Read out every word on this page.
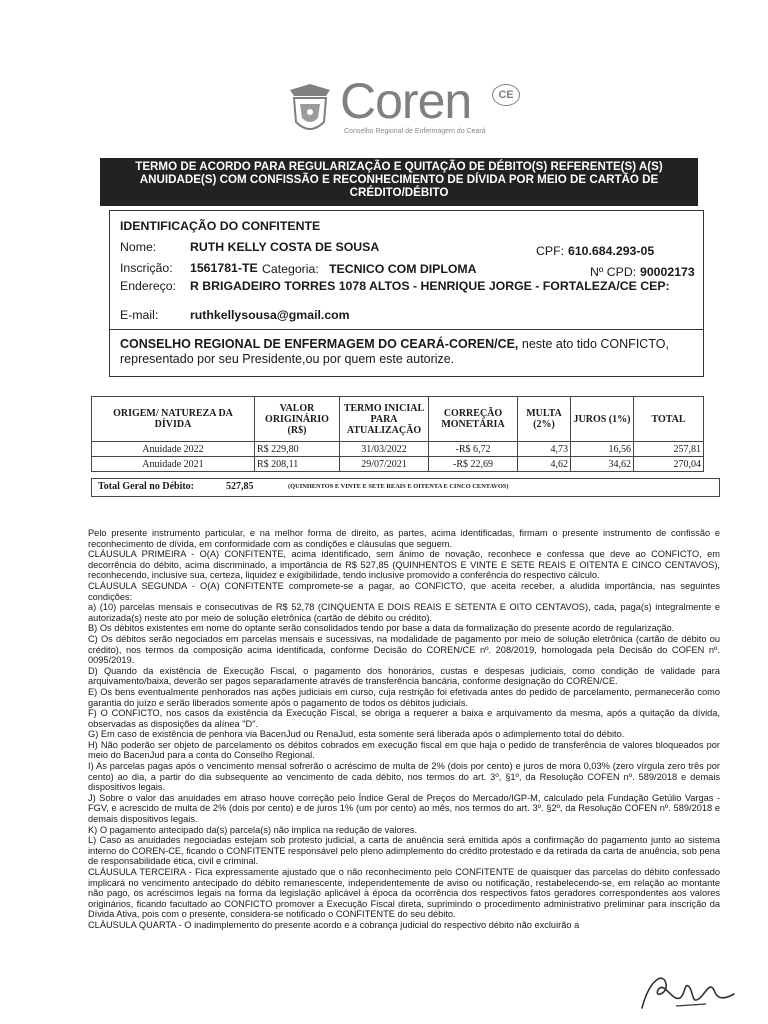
Coren	CE
Conselho Regional de Enfermagem do Ceará
TERMO DE ACORDO PARA REGULARIZAÇÃO E QUITAÇÃO DE DÉBITO(S) REFERENTE(S) A(S) ANUIDADE(S) COM CONFISSÃO E RECONHECIMENTO DE DÍVIDA POR MEIO DE CARTÃO DE CRÉDITO/DÉBITO
IDENTIFICAÇÃO DO CONFITENTE
Nome:	RUTH KELLY COSTA DE SOUSA	CPF: 610.684.293-05
Inscrição: 1561781-TE Categoria: TECNICO COM DIPLOMA	Nº CPD: 90002173
Endereço: R BRIGADEIRO TORRES 1078 ALTOS - HENRIQUE JORGE - FORTALEZA/CE CEP:
E-mail:	ruthkellysousa@gmail.com
CONSELHO REGIONAL DE ENFERMAGEM DO CEARÁ-COREN/CE, neste ato tido CONFICTO, representado por seu Presidente,ou por quem este autorize.
ORIGEM/ NATUREZA DA DÍVIDA	VALOR ORIGINÁRIO (R$)	TERMO INICIAL PARA ATUALIZAÇÃO	CORREÇÃO MONETÁRIA	MULTA (2%)	JUROS (1%)	TOTAL
Anuidade 2022	R$ 229,80	31/03/2022	-R$ 6,72	4,73	16,56	257,81
Anuidade 2021	R$ 208,11	29/07/2021	-R$ 22,69	4,62	34,62	270,04
Total Geral no Débito:	527,85	(QUINHENTOS E VINTE E SETE REAIS E OITENTA E CINCO CENTAVOS)

Pelo presente instrumento particular, e na melhor forma de direito, as partes, acima identificadas, firmam o presente instrumento de confissão e reconhecimento de dívida, em conformidade com as condições e cláusulas que seguem.

CLÁUSULA PRIMEIRA - O(A) CONFITENTE, acima identificado, sem ânimo de novação, reconhece e confessa que deve ao CONFICTO, em decorrência do débito, acima discriminado, a importância de R$ 527,85 (QUINHENTOS E VINTE E SETE REAIS E OITENTA E CINCO CENTAVOS), reconhecendo, inclusive sua, certeza, liquidez e exigibilidade, tendo inclusive promovido a conferência do respectivo cálculo.

CLÁUSULA SEGUNDA - O(A) CONFITENTE compromete-se a pagar, ao CONFICTO, que aceita receber, a aludida importância, nas seguintes condições:

a) (10) parcelas mensais e consecutivas de R$ 52,78 (CINQUENTA E DOIS REAIS E SETENTA E OITO CENTAVOS), cada, paga(s) integralmente e autorizada(s) neste ato por meio de solução eletrônica (cartão de débito ou crédito).

B) Os débitos existentes em nome do optante serão consolidados tendo por base a data da formalização do presente acordo de regularização.

C) Os débitos serão negociados em parcelas mensais e sucessivas, na modalidade de pagamento por meio de solução eletrônica (cartão de débito ou crédito), nos termos da composição acima identificada, conforme Decisão do COREN/CE nº. 208/2019, homologada pela Decisão do COFEN nº. 0095/2019.

D) Quando da existência de Execução Fiscal, o pagamento dos honorários, custas e despesas judiciais, como condição de validade para arquivamento/baixa, deverão ser pagos separadamente através de transferência bancária, conforme designação do COREN/CE.

E) Os bens eventualmente penhorados nas ações judiciais em curso, cuja restrição foi efetivada antes do pedido de parcelamento, permanecerão como garantia do juízo e serão liberados somente após o pagamento de todos os débitos judiciais.

F) O CONFICTO, nos casos da existência da Execução Fiscal, se obriga a requerer a baixa e arquivamento da mesma, após a quitação da dívida, observadas as disposições da alínea "D".

G) Em caso de existência de penhora via BacenJud ou RenaJud, esta somente será liberada após o adimplemento total do débito.

H) Não poderão ser objeto de parcelamento os débitos cobrados em execução fiscal em que haja o pedido de transferência de valores bloqueados por meio do BacenJud para a conta do Conselho Regional.

I) As parcelas pagas após o vencimento mensal sofrerão o acréscimo de multa de 2% (dois por cento) e juros de mora 0,03% (zero vírgula zero três por cento) ao dia, a partir do dia subsequente ao vencimento de cada débito, nos termos do art. 3º, §1º, da Resolução COFEN nº. 589/2018 e demais dispositivos legais.

J) Sobre o valor das anuidades em atraso houve correção pelo Índice Geral de Preços do Mercado/IGP-M, calculado pela Fundação Getúlio Vargas - FGV, e acrescido de multa de 2% (dois por cento) e de juros 1% (um por cento) ao mês, nos termos do art. 3º. §2º, da Resolução COFEN nº. 589/2018 e demais dispositivos legais.

K) O pagamento antecipado da(s) parcela(s) não implica na redução de valores.

L) Caso as anuidades negociadas estejam sob protesto judicial, a carta de anuência será emitida após a confirmação do pagamento junto ao sistema interno do COREN-CE, ficando o CONFITENTE responsável pelo pleno adimplemento do crédito protestado e da retirada da carta de anuência, sob pena de responsabilidade ética, civil e criminal.

CLÁUSULA TERCEIRA - Fica expressamente ajustado que o não reconhecimento pelo CONFITENTE de quaisquer das parcelas do débito confessado implicará no vencimento antecipado do débito remanescente, independentemente de aviso ou notificação, restabelecendo-se, em relação ao montante não pago, os acréscimos legais na forma da legislação aplicável à época da ocorrência dos respectivos fatos geradores correspondentes aos valores originários, ficando facultado ao CONFICTO promover a Execução Fiscal direta, suprimindo o procedimento administrativo preliminar para inscrição da Dívida Ativa, pois com o presente, considera-se notificado o CONFITENTE do seu débito.

CLÁUSULA QUARTA - O inadimplemento do presente acordo e a cobrança judicial do respectivo débito não excluirão a
